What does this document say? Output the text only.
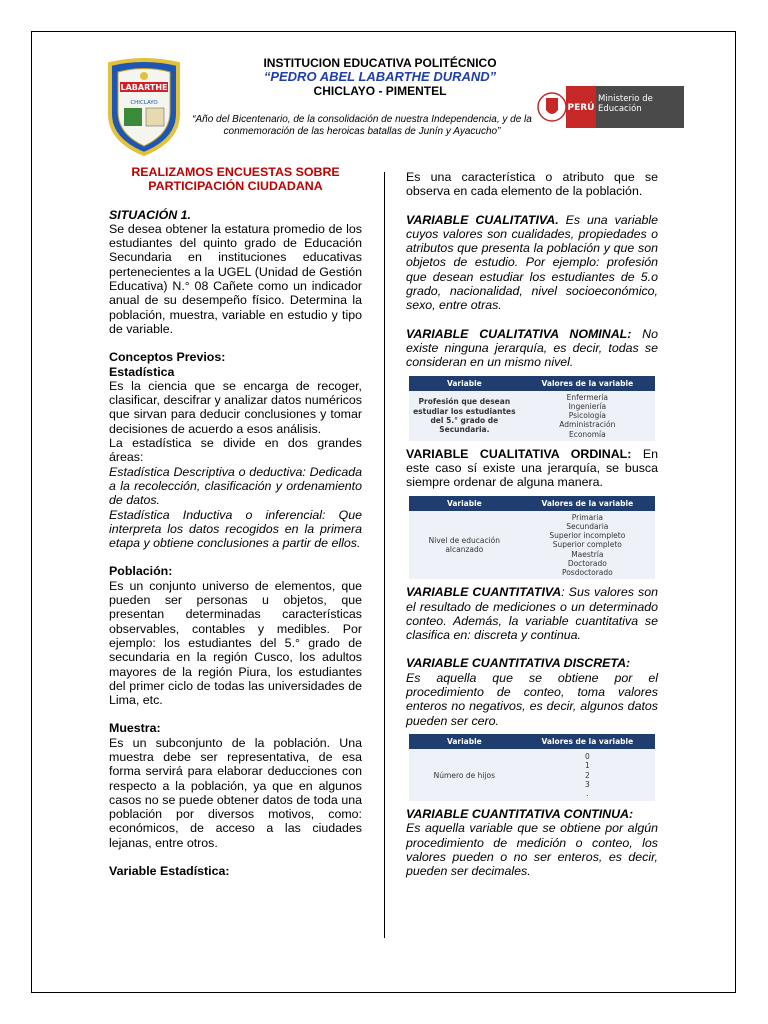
LABARTHE
CHICLAYO
INSTITUCION EDUCATIVA POLITÉCNICO
“PEDRO ABEL LABARTHE DURAND”
CHICLAYO - PIMENTEL
“Año del Bicentenario, de la consolidación de nuestra Independencia, y de la conmemoración de las heroicas batallas de Junín y Ayacucho”
PERÚ
Ministerio de Educación
REALIZAMOS ENCUESTAS SOBRE PARTICIPACIÓN CIUDADANA

SITUACIÓN 1.

Se desea obtener la estatura promedio de los estudiantes del quinto grado de Educación Secundaria en instituciones educativas pertenecientes a la UGEL (Unidad de Gestión Educativa) N.° 08 Cañete como un indicador anual de su desempeño físico. Determina la población, muestra, variable en estudio y tipo de variable.

Conceptos Previos:

Estadística

Es la ciencia que se encarga de recoger, clasificar, descifrar y analizar datos numéricos que sirvan para deducir conclusiones y tomar decisiones de acuerdo a esos análisis.

La estadística se divide en dos grandes áreas:

Estadística Descriptiva o deductiva: Dedicada a la recolección, clasificación y ordenamiento de datos.

Estadística Inductiva o inferencial: Que interpreta los datos recogidos en la primera etapa y obtiene conclusiones a partir de ellos.

Población:

Es un conjunto universo de elementos, que pueden ser personas u objetos, que presentan determinadas características observables, contables y medibles. Por ejemplo: los estudiantes del 5.° grado de secundaria en la región Cusco, los adultos mayores de la región Piura, los estudiantes del primer ciclo de todas las universidades de Lima, etc.

Muestra:

Es un subconjunto de la población. Una muestra debe ser representativa, de esa forma servirá para elaborar deducciones con respecto a la población, ya que en algunos casos no se puede obtener datos de toda una población por diversos motivos, como: económicos, de acceso a las ciudades lejanas, entre otros.

Variable Estadística:

Es una característica o atributo que se observa en cada elemento de la población.

VARIABLE CUALITATIVA. Es una variable cuyos valores son cualidades, propiedades o atributos que presenta la población y que son objetos de estudio. Por ejemplo: profesión que desean estudiar los estudiantes de 5.o grado, nacionalidad, nivel socioeconómico, sexo, entre otras.

VARIABLE CUALITATIVA NOMINAL: No existe ninguna jerarquía, es decir, todas se consideran en un mismo nivel.

Variable	Valores de la variable
Profesión que desean estudiar los estudiantes del 5.° grado de Secundaria.	Enfermería
	Ingeniería
	Psicología
	Administración
	Economía

VARIABLE CUALITATIVA ORDINAL: En este caso sí existe una jerarquía, se busca siempre ordenar de alguna manera.

Variable	Valores de la variable
Nivel de educación alcanzado	Primaria
	Secundaria
	Superior incompleto
	Superior completo
	Maestría
	Doctorado
	Posdoctorado

VARIABLE CUANTITATIVA: Sus valores son el resultado de mediciones o un determinado conteo. Además, la variable cuantitativa se clasifica en: discreta y continua.

VARIABLE CUANTITATIVA DISCRETA:

Es aquella que se obtiene por el procedimiento de conteo, toma valores enteros no negativos, es decir, algunos datos pueden ser cero.

Variable	Valores de la variable
Número de hijos	0
	1
	2
	3
	.

VARIABLE CUANTITATIVA CONTINUA:

Es aquella variable que se obtiene por algún procedimiento de medición o conteo, los valores pueden o no ser enteros, es decir, pueden ser decimales.
